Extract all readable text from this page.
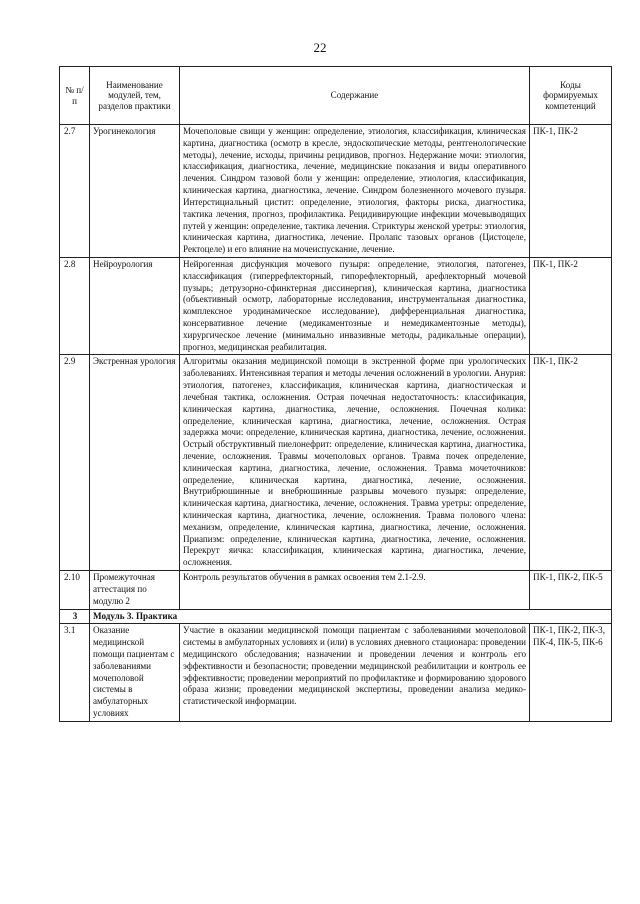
22
№ п/п	Наименование модулей, тем, разделов практики	Содержание	Коды формируемых компетенций
2.7	Урогинекология	Мочеполовые свищи у женщин: определение, этиология, классификация, клиническая картина, диагностика (осмотр в кресле, эндоскопические методы, рентгенологические методы), лечение, исходы, причины рецидивов, прогноз. Недержание мочи: этиология, классификация, диагностика, лечение, медицинские показания и виды оперативного лечения. Синдром тазовой боли у женщин: определение, этиология, классификация, клиническая картина, диагностика, лечение. Синдром болезненного мочевого пузыря. Интерстициальный цистит: определение, этиология, факторы риска, диагностика, тактика лечения, прогноз, профилактика. Рецидивирующие инфекции мочевыводящих путей у женщин: определение, тактика лечения. Стриктуры женской уретры: этиология, клиническая картина, диагностика, лечение. Пролапс тазовых органов (Цистоцеле, Ректоцеле) и его влияние на мочеиспускание, лечение.	ПК-1, ПК-2
2.8	Нейроурология	Нейрогенная дисфункция мочевого пузыря: определение, этиология, патогенез, классификация (гиперрефлекторный, гипорефлекторный, арефлекторный мочевой пузырь; детрузорно-сфинктерная диссинергия), клиническая картина, диагностика (объективный осмотр, лабораторные исследования, инструментальная диагностика, комплексное уродинамическое исследование), дифференциальная диагностика, консервативное лечение (медикаментозные и немедикаментозные методы), хирургическое лечение (минимально инвазивные методы, радикальные операции), прогноз, медицинская реабилитация.	ПК-1, ПК-2
2.9	Экстренная урология	Алгоритмы оказания медицинской помощи в экстренной форме при урологических заболеваниях. Интенсивная терапия и методы лечения осложнений в урологии. Анурия: этиология, патогенез, классификация, клиническая картина, диагностическая и лечебная тактика, осложнения. Острая почечная недостаточность: классификация, клиническая картина, диагностика, лечение, осложнения. Почечная колика: определение, клиническая картина, диагностика, лечение, осложнения. Острая задержка мочи: определение, клиническая картина, диагностика, лечение, осложнения. Острый обструктивный пиелонефрит: определение, клиническая картина, диагностика, лечение, осложнения. Травмы мочеполовых органов. Травма почек определение, клиническая картина, диагностика, лечение, осложнения. Травма мочеточников: определение, клиническая картина, диагностика, лечение, осложнения. Внутрибрюшинные и внебрюшинные разрывы мочевого пузыря: определение, клиническая картина, диагностика, лечение, осложнения. Травма уретры: определение, клиническая картина, диагностика, лечение, осложнения. Травма полового члена: механизм, определение, клиническая картина, диагностика, лечение, осложнения. Приапизм: определение, клиническая картина, диагностика, лечение, осложнения. Перекрут яичка: классификация, клиническая картина, диагностика, лечение, осложнения.	ПК-1, ПК-2
2.10	Промежуточная аттестация по модулю 2	Контроль результатов обучения в рамках освоения тем 2.1-2.9.	ПК-1, ПК-2, ПК-5
3	Модуль 3. Практика		
3.1	Оказание медицинской помощи пациентам с заболеваниями мочеполовой системы в амбулаторных условиях	Участие в оказании медицинской помощи пациентам с заболеваниями мочеполовой системы в амбулаторных условиях и (или) в условиях дневного стационара: проведении медицинского обследования; назначении и проведении лечения и контроль его эффективности и безопасности; проведении медицинской реабилитации и контроль ее эффективности; проведении мероприятий по профилактике и формированию здорового образа жизни; проведении медицинской экспертизы, проведении анализа медико-статистической информации.	ПК-1, ПК-2, ПК-3, ПК-4, ПК-5, ПК-6
